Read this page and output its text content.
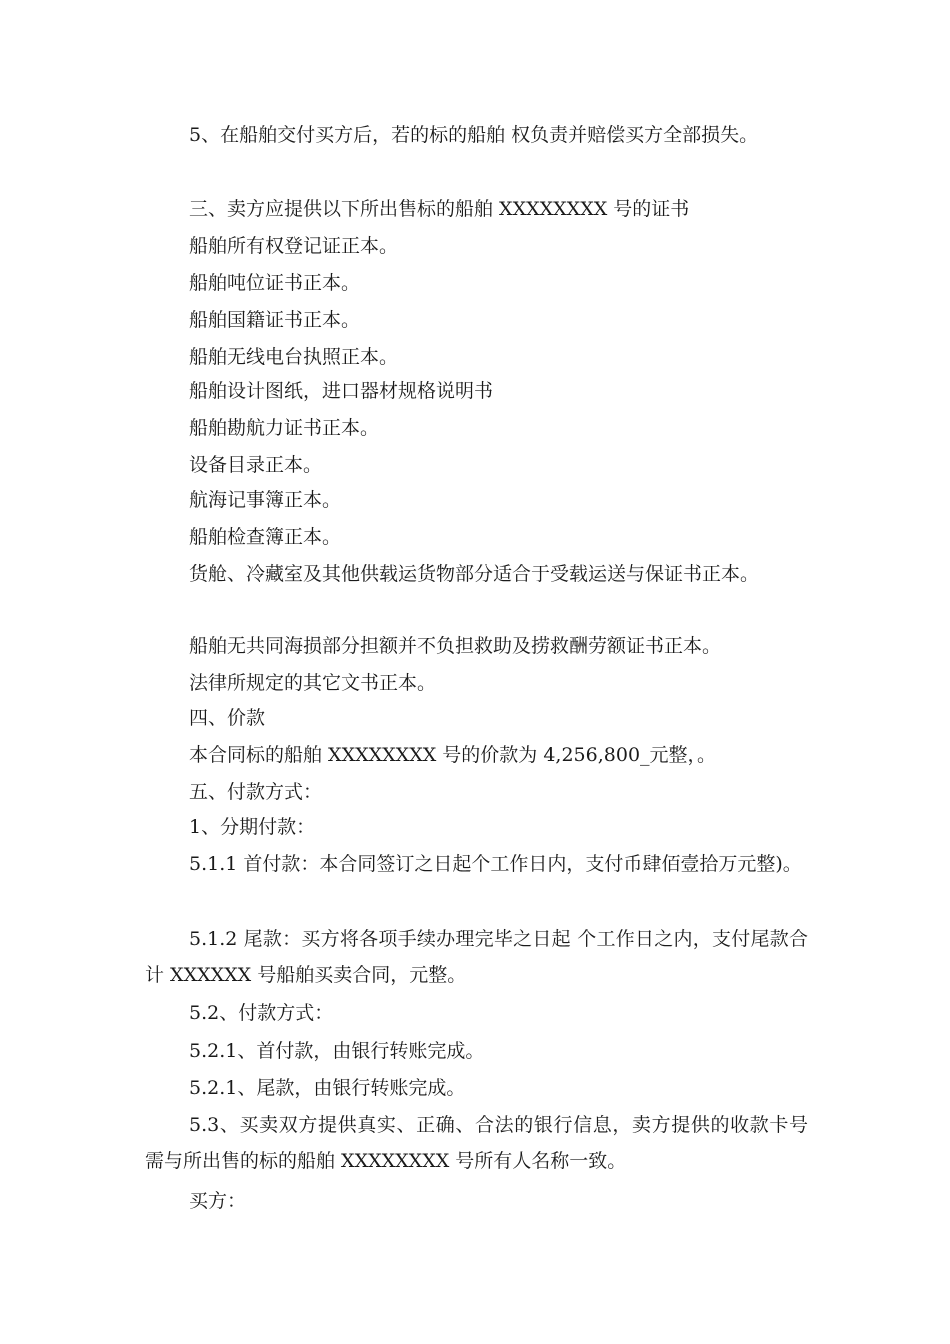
5、在船舶交付买方后，若的标的船舶 权负责并赔偿买方全部损失。

三、卖方应提供以下所出售标的船舶 XXXXXXXX 号的证书

船舶所有权登记证正本。

船舶吨位证书正本。

船舶国籍证书正本。

船舶无线电台执照正本。

船舶设计图纸，进口器材规格说明书

船舶勘航力证书正本。

设备目录正本。

航海记事簿正本。

船舶检查簿正本。

货舱、冷藏室及其他供载运货物部分适合于受载运送与保证书正本。

船舶无共同海损部分担额并不负担救助及捞救酬劳额证书正本。

法律所规定的其它文书正本。

四、价款

本合同标的船舶 XXXXXXXX 号的价款为 4,256,800_元整，。

五、付款方式：

1、分期付款：

5.1.1 首付款：本合同签订之日起个工作日内，支付币肆佰壹拾万元整)。

5.1.2 尾款：买方将各项手续办理完毕之日起 个工作日之内，支付尾款合计 XXXXXX 号船舶买卖合同，元整。

5.2、付款方式：

5.2.1、首付款，由银行转账完成。

5.2.1、尾款，由银行转账完成。

5.3、买卖双方提供真实、正确、合法的银行信息，卖方提供的收款卡号需与所出售的标的船舶 XXXXXXXX 号所有人名称一致。

买方：
